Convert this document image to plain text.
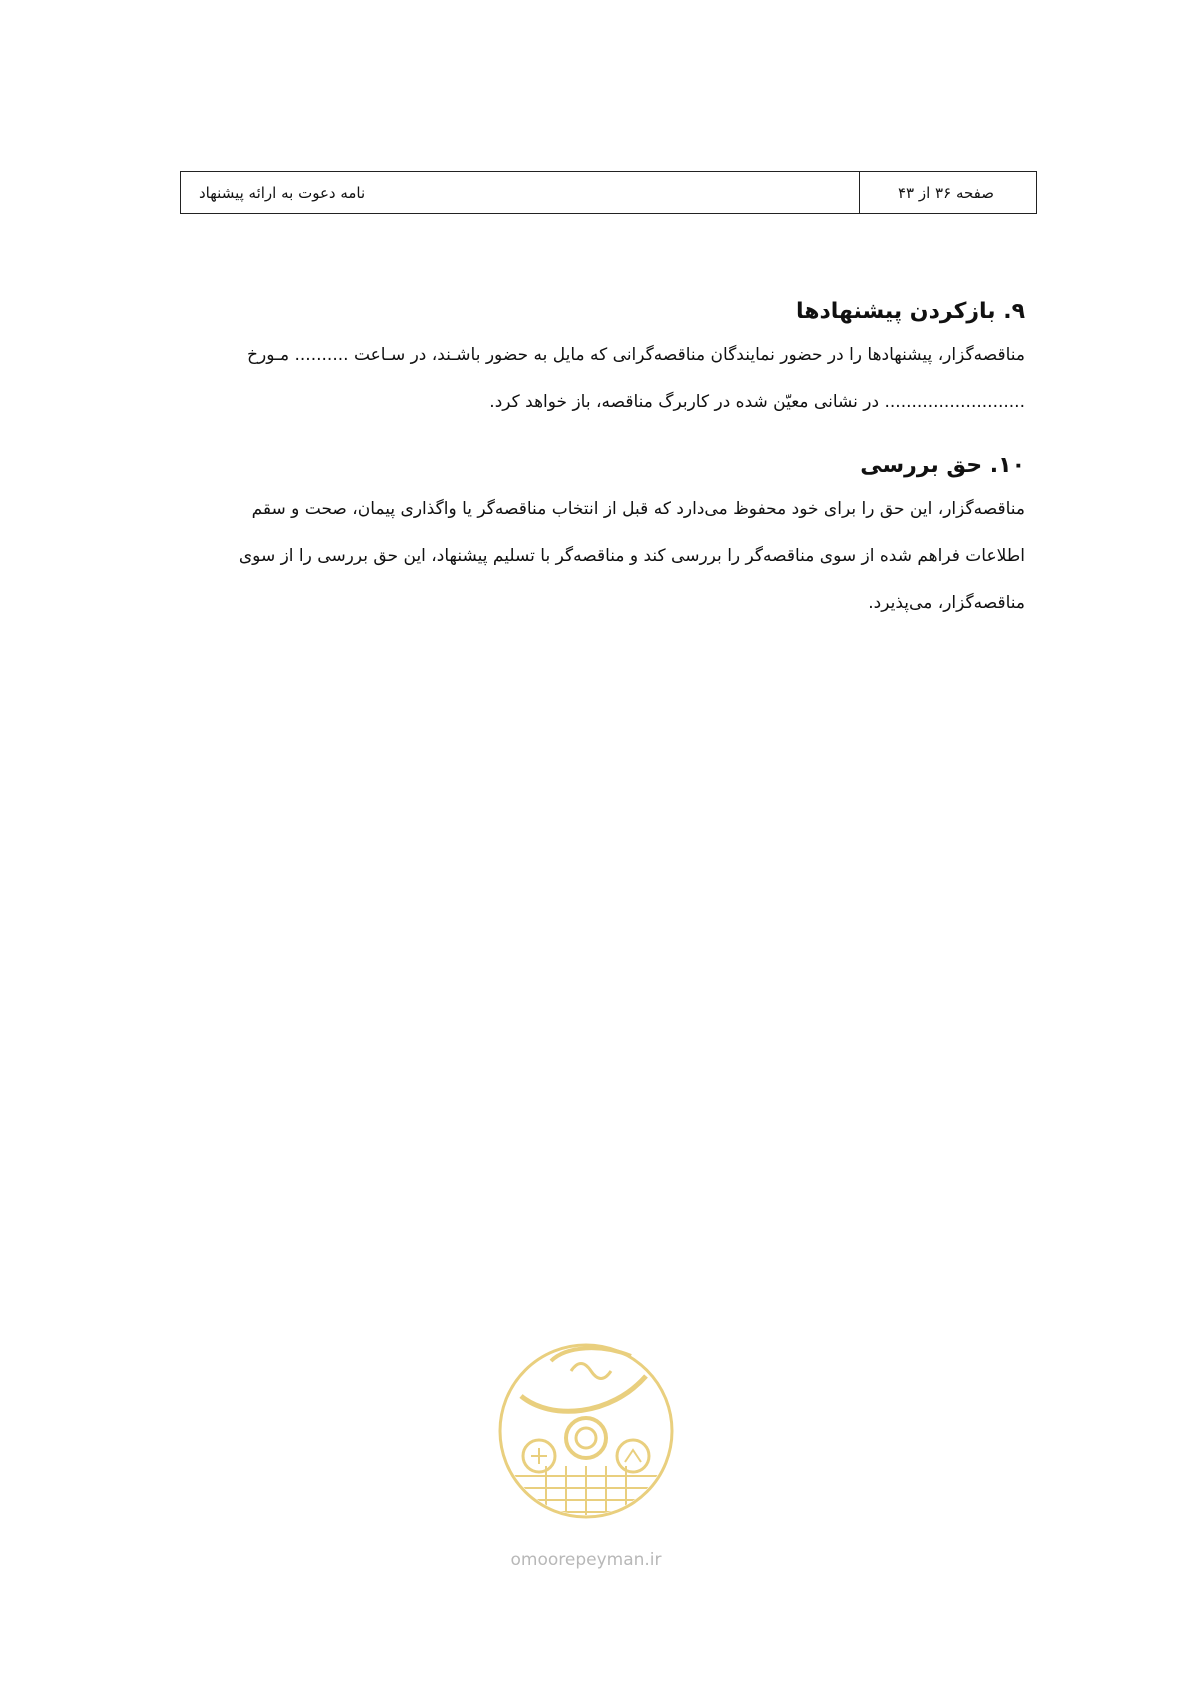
صفحه ۳۶ از ۴۳
نامه دعوت به ارائه پیشنهاد
۹. بازکردن پیشنهادها

مناقصه‌گزار، پیشنهادها را در حضور نمایندگان مناقصه‌گرانی که مایل به حضور باشـند، در سـاعت .......... مـورخ
.......................... در نشانی معیّن شده در کاربرگ مناقصه، باز خواهد کرد.

۱۰. حق بررسی

مناقصه‌گزار، این حق را برای خود محفوظ می‌دارد که قبل از انتخاب مناقصه‌گر یا واگذاری پیمان، صحت و سقم
اطلاعات فراهم شده از سوی مناقصه‌گر را بررسی کند و مناقصه‌گر با تسلیم پیشنهاد، این حق بررسی را از سوی
مناقصه‌گزار، می‌پذیرد.

omoorepeyman.ir
